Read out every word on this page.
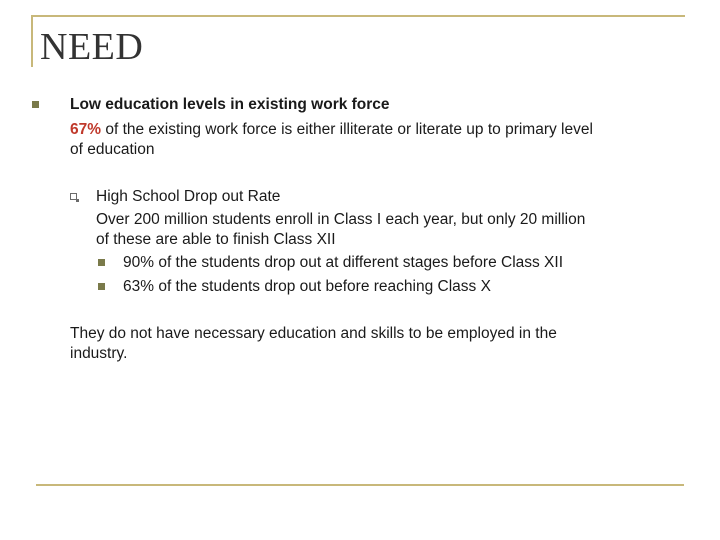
NEED
Low education levels in existing work force
67% of the existing work force is either illiterate or literate up to primary level
of education
High School Drop out Rate
Over 200 million students enroll in Class I each year, but only 20 million
of these are able to finish Class XII
90% of the students drop out at different stages before Class XII
63% of the students drop out before reaching Class X
They do not have necessary education and skills to be employed in the
industry.
